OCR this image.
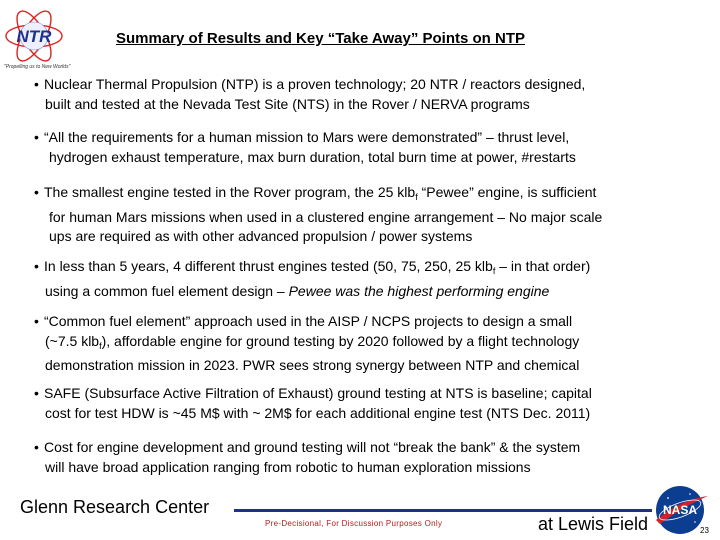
NTR
"Propelling us to New Worlds"
Summary of Results and Key “Take Away” Points on NTP
• Nuclear Thermal Propulsion (NTP) is a proven technology; 20 NTR / reactors designed,
built and tested at the Nevada Test Site (NTS) in the Rover / NERVA programs
• “All the requirements for a human mission to Mars were demonstrated” – thrust level,
hydrogen exhaust temperature, max burn duration, total burn time at power, #restarts
• The smallest engine tested in the Rover program, the 25 klb$_f$ “Pewee” engine, is sufficient
for human Mars missions when used in a clustered engine arrangement – No major scale
ups are required as with other advanced propulsion / power systems
• In less than 5 years, 4 different thrust engines tested (50, 75, 250, 25 klb$_f$ – in that order)
using a common fuel element design – Pewee was the highest performing engine
• “Common fuel element” approach used in the AISP / NCPS projects to design a small
(~7.5 klb$_f$), affordable engine for ground testing by 2020 followed by a flight technology
demonstration mission in 2023. PWR sees strong synergy between NTP and chemical
• SAFE (Subsurface Active Filtration of Exhaust) ground testing at NTS is baseline; capital
cost for test HDW is ~45 M$ with ~ 2M$ for each additional engine test (NTS Dec. 2011)
• Cost for engine development and ground testing will not “break the bank” & the system
will have broad application ranging from robotic to human exploration missions
Glenn Research Center
Pre-Decisional, For Discussion Purposes Only	at Lewis Field
NASA
23
